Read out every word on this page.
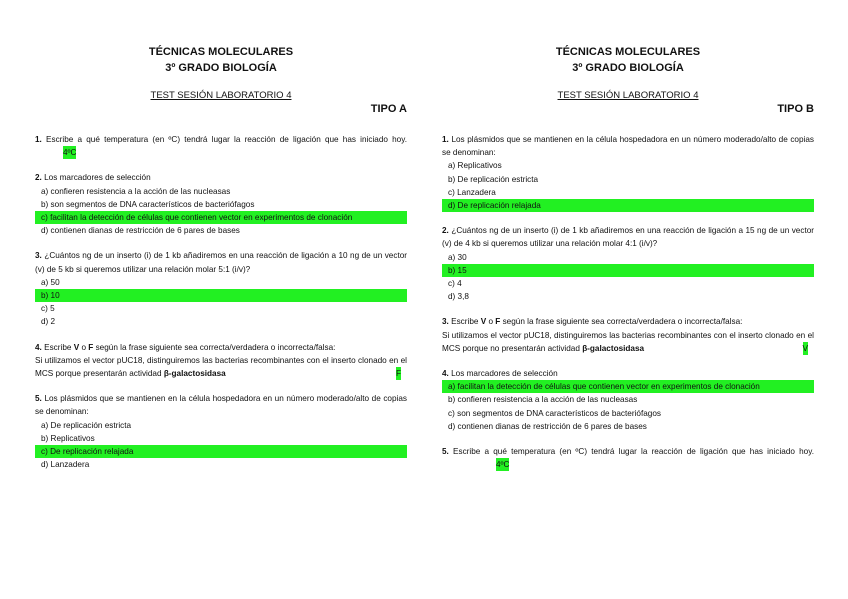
TÉCNICAS MOLECULARES
3º GRADO BIOLOGÍA
TEST SESIÓN LABORATORIO 4
TIPO A
1. Escribe a qué temperatura (en ºC) tendrá lugar la reacción de ligación que has iniciado hoy. 4ºC
2. Los marcadores de selección
a) confieren resistencia a la acción de las nucleasas
b) son segmentos de DNA característicos de bacteriófagos
c) facilitan la detección de células que contienen vector en experimentos de clonación
d) contienen dianas de restricción de 6 pares de bases
3. ¿Cuántos ng de un inserto (i) de 1 kb añadiremos en una reacción de ligación a 10 ng de un vector (v) de 5 kb si queremos utilizar una relación molar 5:1 (i/v)?
a) 50
b) 10
c) 5
d) 2
4. Escribe V o F según la frase siguiente sea correcta/verdadera o incorrecta/falsa:
Si utilizamos el vector pUC18, distinguiremos las bacterias recombinantes con el inserto clonado en el MCS porque presentarán actividad β-galactosidasa	F
5. Los plásmidos que se mantienen en la célula hospedadora en un número moderado/alto de copias se denominan:
a) De replicación estricta
b) Replicativos
c) De replicación relajada
d) Lanzadera
TÉCNICAS MOLECULARES
3º GRADO BIOLOGÍA
TEST SESIÓN LABORATORIO 4
TIPO B
1. Los plásmidos que se mantienen en la célula hospedadora en un número moderado/alto de copias se denominan:
a) Replicativos
b) De replicación estricta
c) Lanzadera
d) De replicación relajada
2. ¿Cuántos ng de un inserto (i) de 1 kb añadiremos en una reacción de ligación a 15 ng de un vector (v) de 4 kb si queremos utilizar una relación molar 4:1 (i/v)?
a) 30
b) 15
c) 4
d) 3,8
3. Escribe V o F según la frase siguiente sea correcta/verdadera o incorrecta/falsa:
Si utilizamos el vector pUC18, distinguiremos las bacterias recombinantes con el inserto clonado en el MCS porque no presentarán actividad β-galactosidasa	V
4. Los marcadores de selección
a) facilitan la detección de células que contienen vector en experimentos de clonación
b) confieren resistencia a la acción de las nucleasas
c) son segmentos de DNA característicos de bacteriófagos
d) contienen dianas de restricción de 6 pares de bases
5. Escribe a qué temperatura (en ºC) tendrá lugar la reacción de ligación que has iniciado hoy. 4ºC
